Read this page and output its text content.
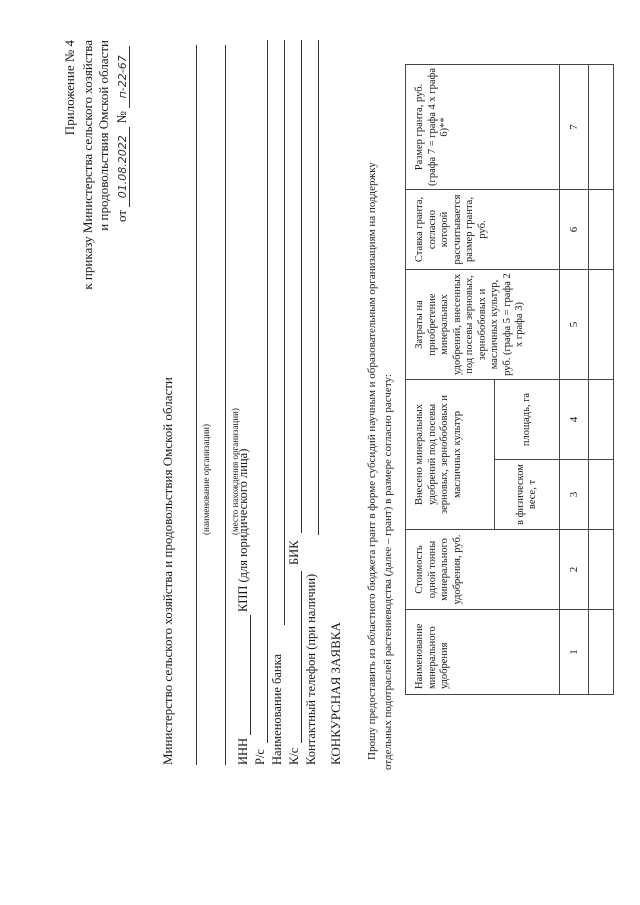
Приложение № 4 к приказу Министерства сельского хозяйства и продовольствия Омской области от 01.08.2022 № п-22-67
Министерство сельского хозяйства и продовольствия Омской области	(наименование организации) (место нахождения организации)
ИНН
КПП (для юридического лица)
Р/с Наименование банка К/с
БИК
Контактный телефон (при наличии) КОНКУРСНАЯ ЗАЯВКА Прошу предоставить из областного бюджета грант в форме субсидий научным и образовательным организациям на поддержку отдельных подотраслей растениеводства (далее – грант) в размере согласно расчету: Наименование минерального удобрения	Стоимость одной тонны минерального удобрения, руб.	Внесено минеральных удобрений под посевы зерновых, зернобобовых и масличных культур		Затраты на приобретение минеральных удобрений, внесенных под посевы зерновых, зернобобовых и масличных культур, руб. (графа 5 = графа 2 х графа 3)	Ставка гранта, согласно которой рассчитывается размер гранта, руб.	Размер гранта, руб. (графа 7 = графа 4 х графа 6)**
		в физическом весе, т	площадь, га			
1	2	3	4	5	6	7
